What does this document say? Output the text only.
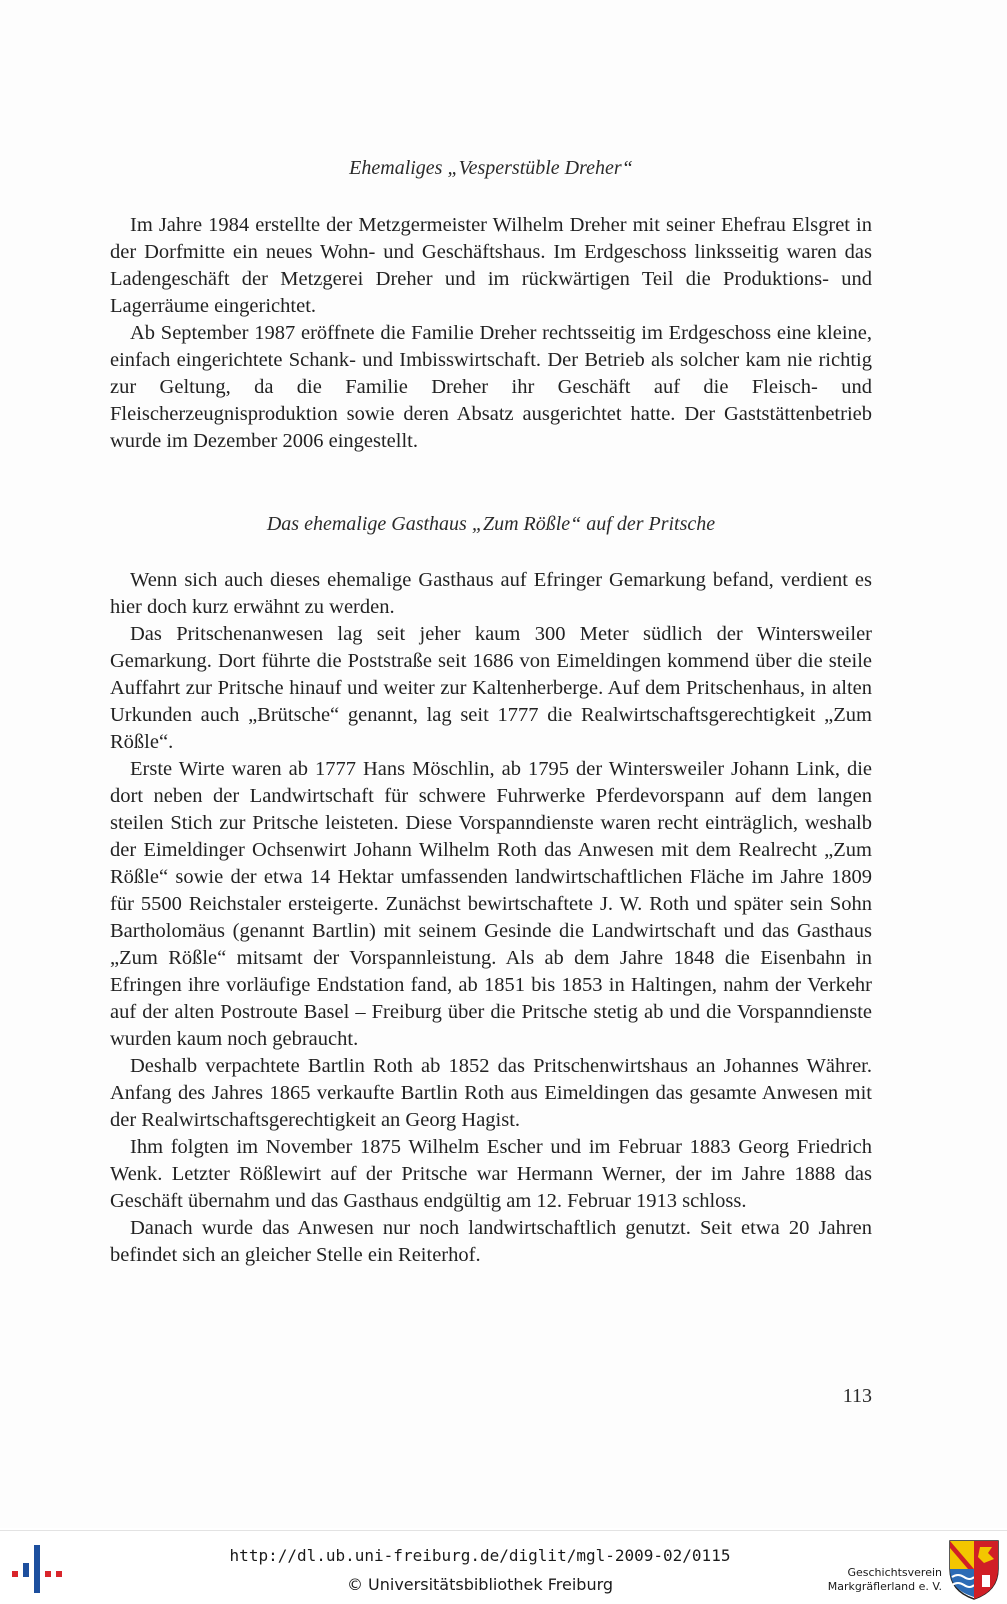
Ehemaliges „Vesperstüble Dreher“

Im Jahre 1984 erstellte der Metzgermeister Wilhelm Dreher mit seiner Ehefrau Elsgret in der Dorfmitte ein neues Wohn- und Geschäftshaus. Im Erdgeschoss linksseitig waren das Ladengeschäft der Metzgerei Dreher und im rückwärtigen Teil die Produktions- und Lagerräume eingerichtet.

Ab September 1987 eröffnete die Familie Dreher rechtsseitig im Erdgeschoss eine kleine, einfach eingerichtete Schank- und Imbisswirtschaft. Der Betrieb als solcher kam nie richtig zur Geltung, da die Familie Dreher ihr Geschäft auf die Fleisch- und Fleischerzeugnisproduktion sowie deren Absatz ausgerichtet hatte. Der Gaststättenbetrieb wurde im Dezember 2006 eingestellt.

Das ehemalige Gasthaus „Zum Rößle“ auf der Pritsche

Wenn sich auch dieses ehemalige Gasthaus auf Efringer Gemarkung befand, verdient es hier doch kurz erwähnt zu werden.

Das Pritschenanwesen lag seit jeher kaum 300 Meter südlich der Wintersweiler Gemarkung. Dort führte die Poststraße seit 1686 von Eimeldingen kommend über die steile Auffahrt zur Pritsche hinauf und weiter zur Kaltenherberge. Auf dem Pritschenhaus, in alten Urkunden auch „Brütsche“ genannt, lag seit 1777 die Realwirtschaftsgerechtigkeit „Zum Rößle“.

Erste Wirte waren ab 1777 Hans Möschlin, ab 1795 der Wintersweiler Johann Link, die dort neben der Landwirtschaft für schwere Fuhrwerke Pferdevorspann auf dem langen steilen Stich zur Pritsche leisteten. Diese Vorspanndienste waren recht einträglich, weshalb der Eimeldinger Ochsenwirt Johann Wilhelm Roth das Anwesen mit dem Realrecht „Zum Rößle“ sowie der etwa 14 Hektar umfassenden landwirtschaftlichen Fläche im Jahre 1809 für 5500 Reichstaler ersteigerte. Zunächst bewirtschaftete J. W. Roth und später sein Sohn Bartholomäus (genannt Bartlin) mit seinem Gesinde die Landwirtschaft und das Gasthaus „Zum Rößle“ mitsamt der Vorspannleistung. Als ab dem Jahre 1848 die Eisenbahn in Efringen ihre vorläufige Endstation fand, ab 1851 bis 1853 in Haltingen, nahm der Verkehr auf der alten Postroute Basel – Freiburg über die Pritsche stetig ab und die Vorspanndienste wurden kaum noch gebraucht.

Deshalb verpachtete Bartlin Roth ab 1852 das Pritschenwirtshaus an Johannes Währer. Anfang des Jahres 1865 verkaufte Bartlin Roth aus Eimeldingen das gesamte Anwesen mit der Realwirtschaftsgerechtigkeit an Georg Hagist.

Ihm folgten im November 1875 Wilhelm Escher und im Februar 1883 Georg Friedrich Wenk. Letzter Rößlewirt auf der Pritsche war Hermann Werner, der im Jahre 1888 das Geschäft übernahm und das Gasthaus endgültig am 12. Februar 1913 schloss.

Danach wurde das Anwesen nur noch landwirtschaftlich genutzt. Seit etwa 20 Jahren befindet sich an gleicher Stelle ein Reiterhof.

113
http://dl.ub.uni-freiburg.de/diglit/mgl-2009-02/0115
© Universitätsbibliothek Freiburg
Geschichtsverein
Markgräflerland e. V.
